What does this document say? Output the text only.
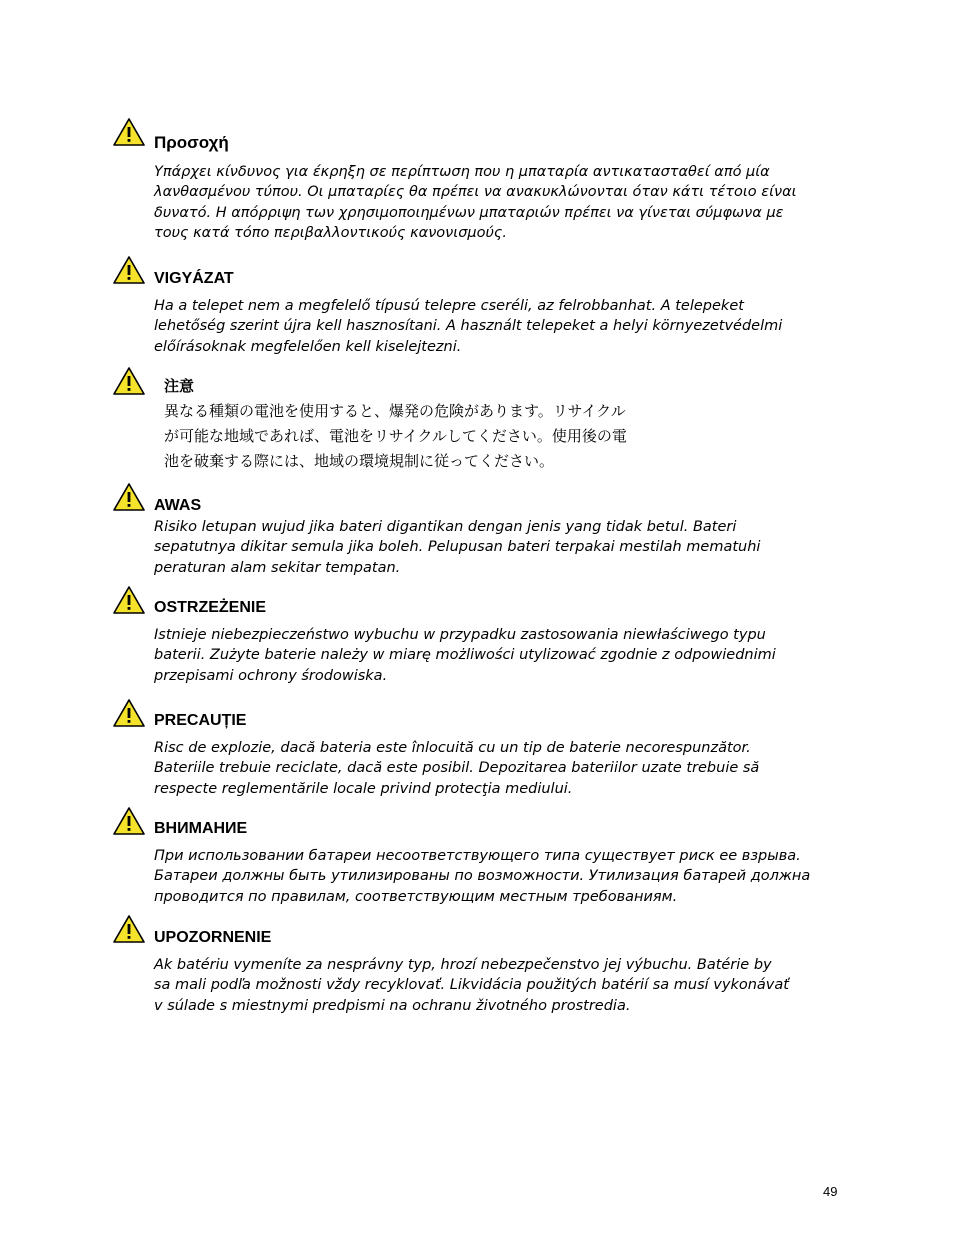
Προσοχή

Υπάρχει κίνδυνος για έκρηξη σε περίπτωση που η μπαταρία αντικατασταθεί από μία
λανθασμένου τύπου. Οι μπαταρίες θα πρέπει να ανακυκλώνονται όταν κάτι τέτοιο είναι
δυνατό. Η απόρριψη των χρησιμοποιημένων μπαταριών πρέπει να γίνεται σύμφωνα με
τους κατά τόπο περιβαλλοντικούς κανονισμούς.

VIGYÁZAT

Ha a telepet nem a megfelelő típusú telepre cseréli, az felrobbanhat. A telepeket
lehetőség szerint újra kell hasznosítani. A használt telepeket a helyi környezetvédelmi
előírásoknak megfelelően kell kiselejtezni.

注意

異なる種類の電池を使用すると、爆発の危険があります。リサイクル
が可能な地域であれば、電池をリサイクルしてください。使用後の電
池を破棄する際には、地域の環境規制に従ってください。

AWAS

Risiko letupan wujud jika bateri digantikan dengan jenis yang tidak betul. Bateri
sepatutnya dikitar semula jika boleh. Pelupusan bateri terpakai mestilah mematuhi
peraturan alam sekitar tempatan.

OSTRZEŻENIE

Istnieje niebezpieczeństwo wybuchu w przypadku zastosowania niewłaściwego typu
baterii. Zużyte baterie należy w miarę możliwości utylizować zgodnie z odpowiednimi
przepisami ochrony środowiska.

PRECAUȚIE

Risc de explozie, dacă bateria este înlocuită cu un tip de baterie necorespunzător.
Bateriile trebuie reciclate, dacă este posibil. Depozitarea bateriilor uzate trebuie să
respecte reglementările locale privind protecţia mediului.

ВНИМАНИЕ

При использовании батареи несоответствующего типа существует риск ее взрыва.
Батареи должны быть утилизированы по возможности. Утилизация батарей должна
проводится по правилам, соответствующим местным требованиям.

UPOZORNENIE

Ak batériu vymeníte za nesprávny typ, hrozí nebezpečenstvo jej výbuchu. Batérie by
sa mali podľa možnosti vždy recyklovať. Likvidácia použitých batérií sa musí vykonávať
v súlade s miestnymi predpismi na ochranu životného prostredia.

49
